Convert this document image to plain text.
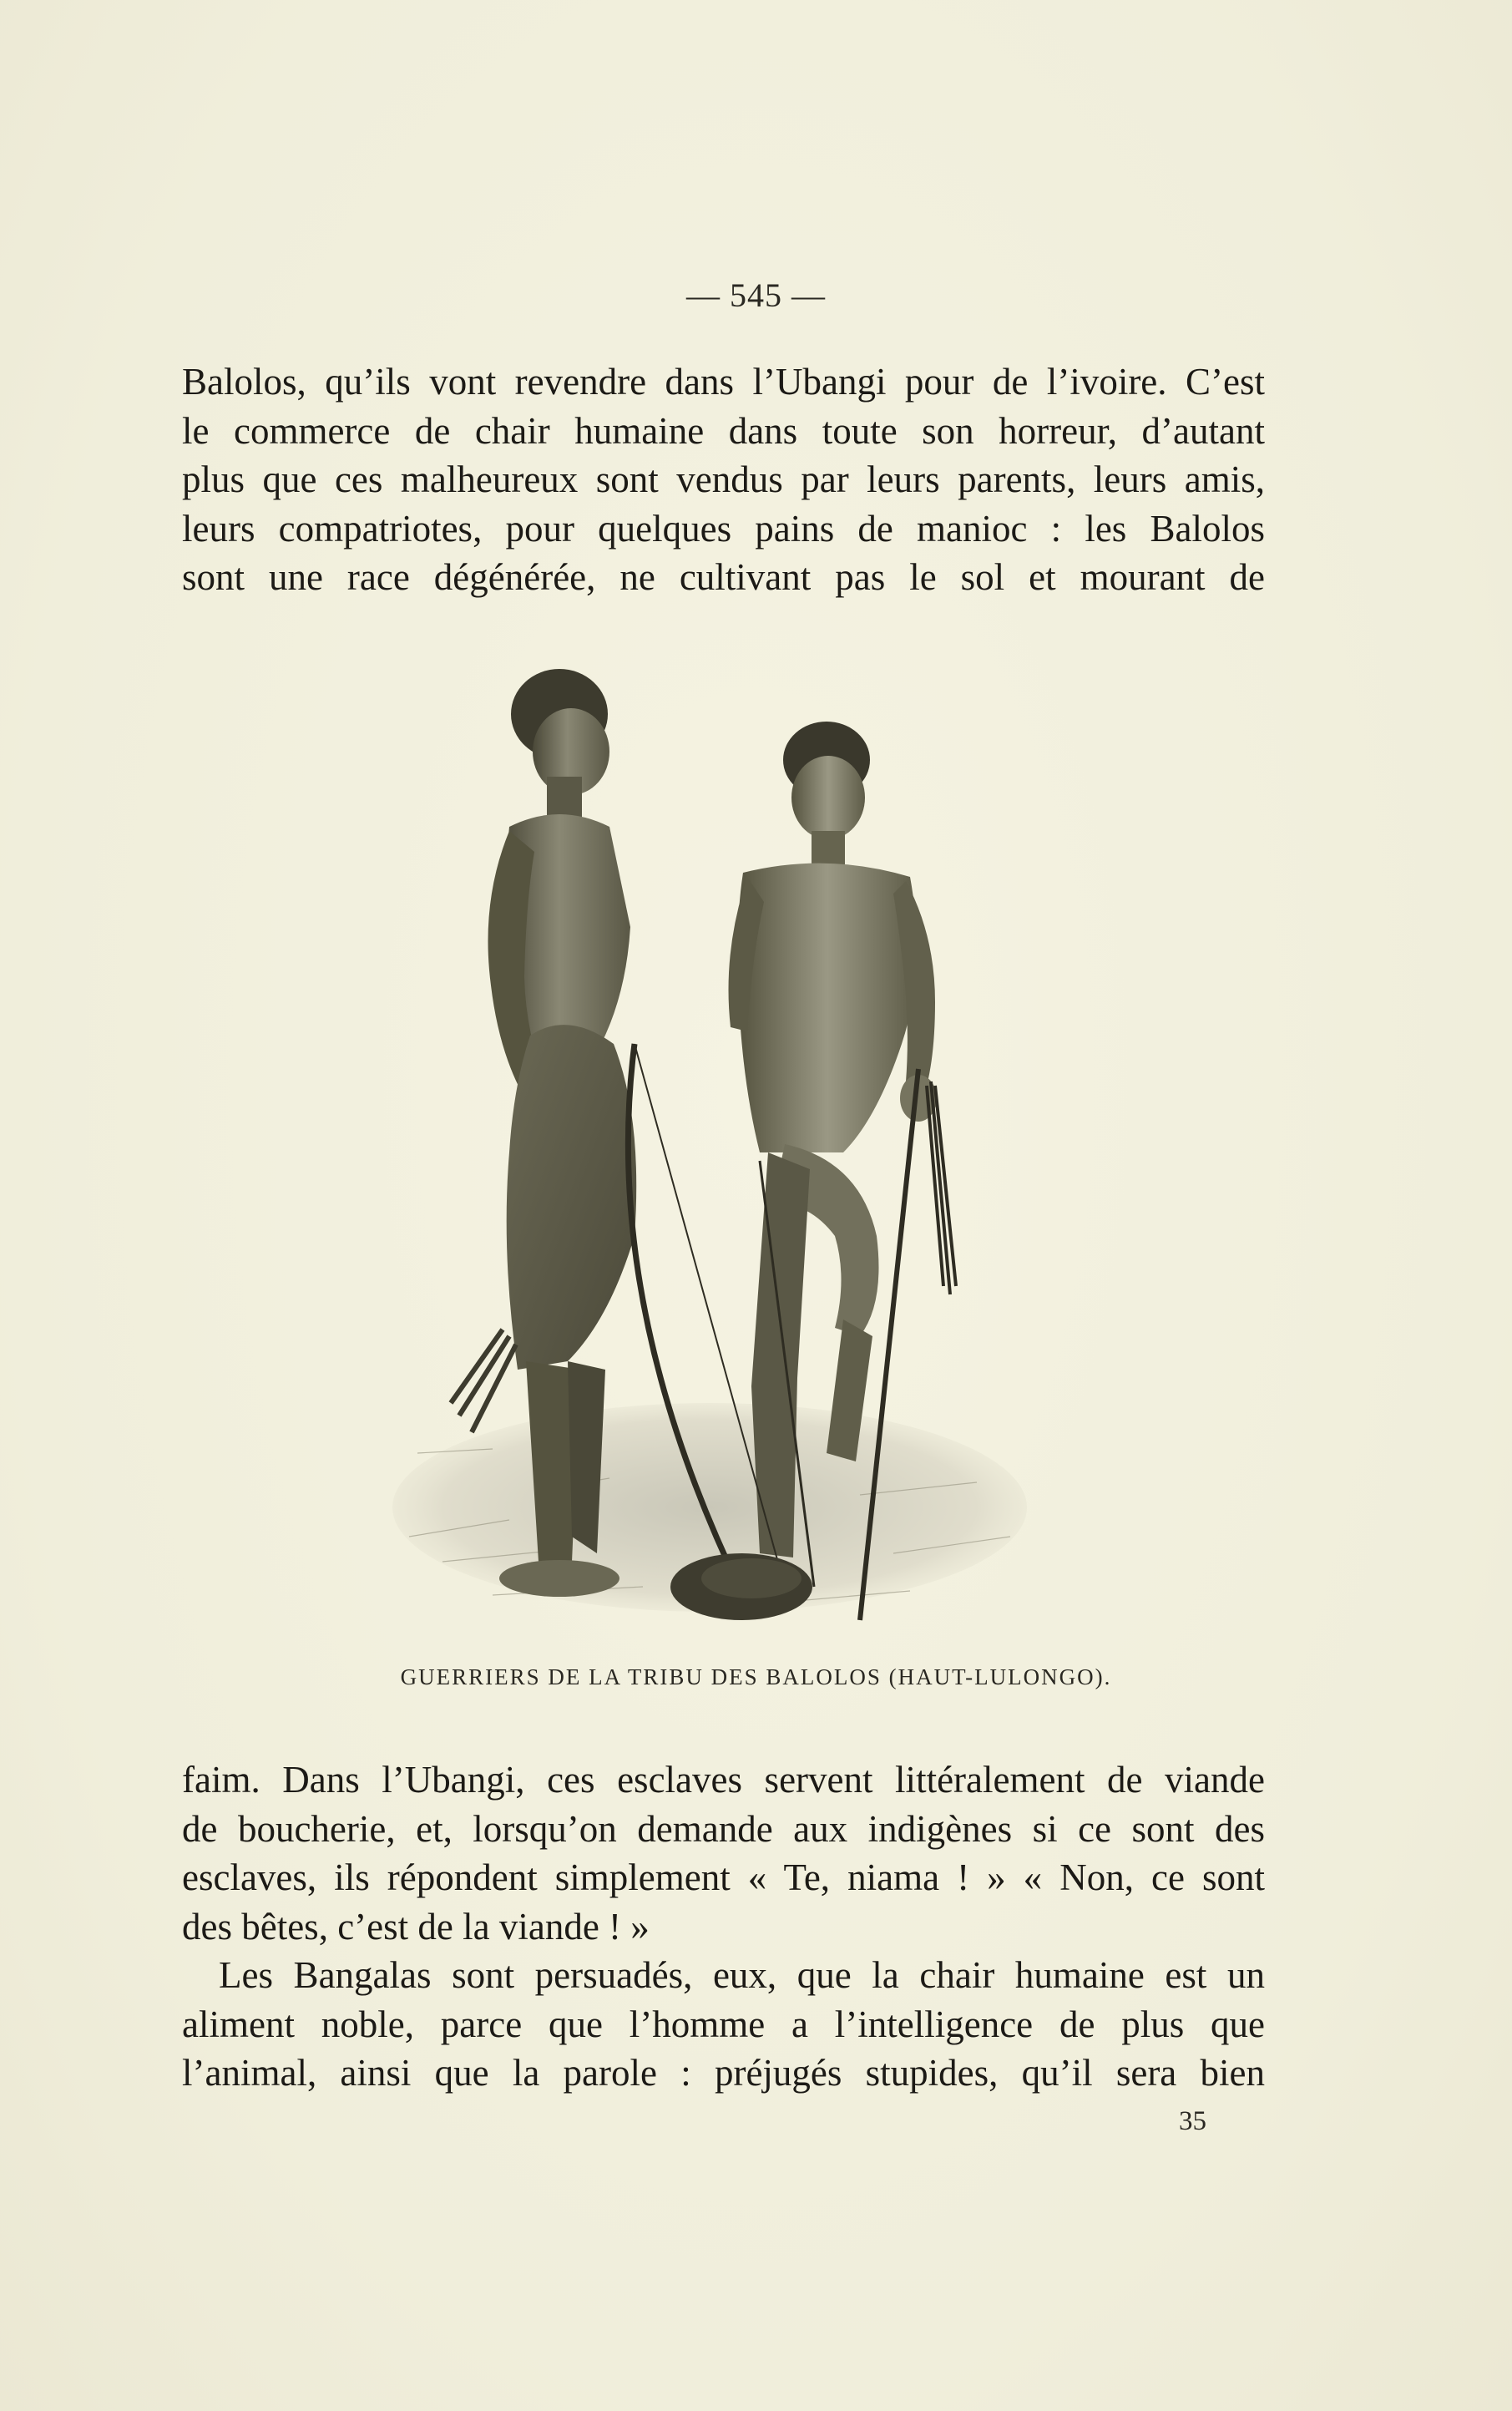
— 545 —
Balolos, qu’ils vont revendre dans l’Ubangi pour de l’ivoire. C’est
le commerce de chair humaine dans toute son horreur, d’autant
plus que ces malheureux sont vendus par leurs parents, leurs amis,
leurs compatriotes, pour quelques pains de manioc : les Balolos
sont une race dégénérée, ne cultivant pas le sol et mourant de
GUERRIERS DE LA TRIBU DES BALOLOS (HAUT-LULONGO).
faim. Dans l’Ubangi, ces esclaves servent littéralement de viande
de boucherie, et, lorsqu’on demande aux indigènes si ce sont des
esclaves, ils répondent simplement « Te, niama ! » « Non, ce sont
des bêtes, c’est de la viande ! »
Les Bangalas sont persuadés, eux, que la chair humaine est un
aliment noble, parce que l’homme a l’intelligence de plus que
l’animal, ainsi que la parole : préjugés stupides, qu’il sera bien
35
